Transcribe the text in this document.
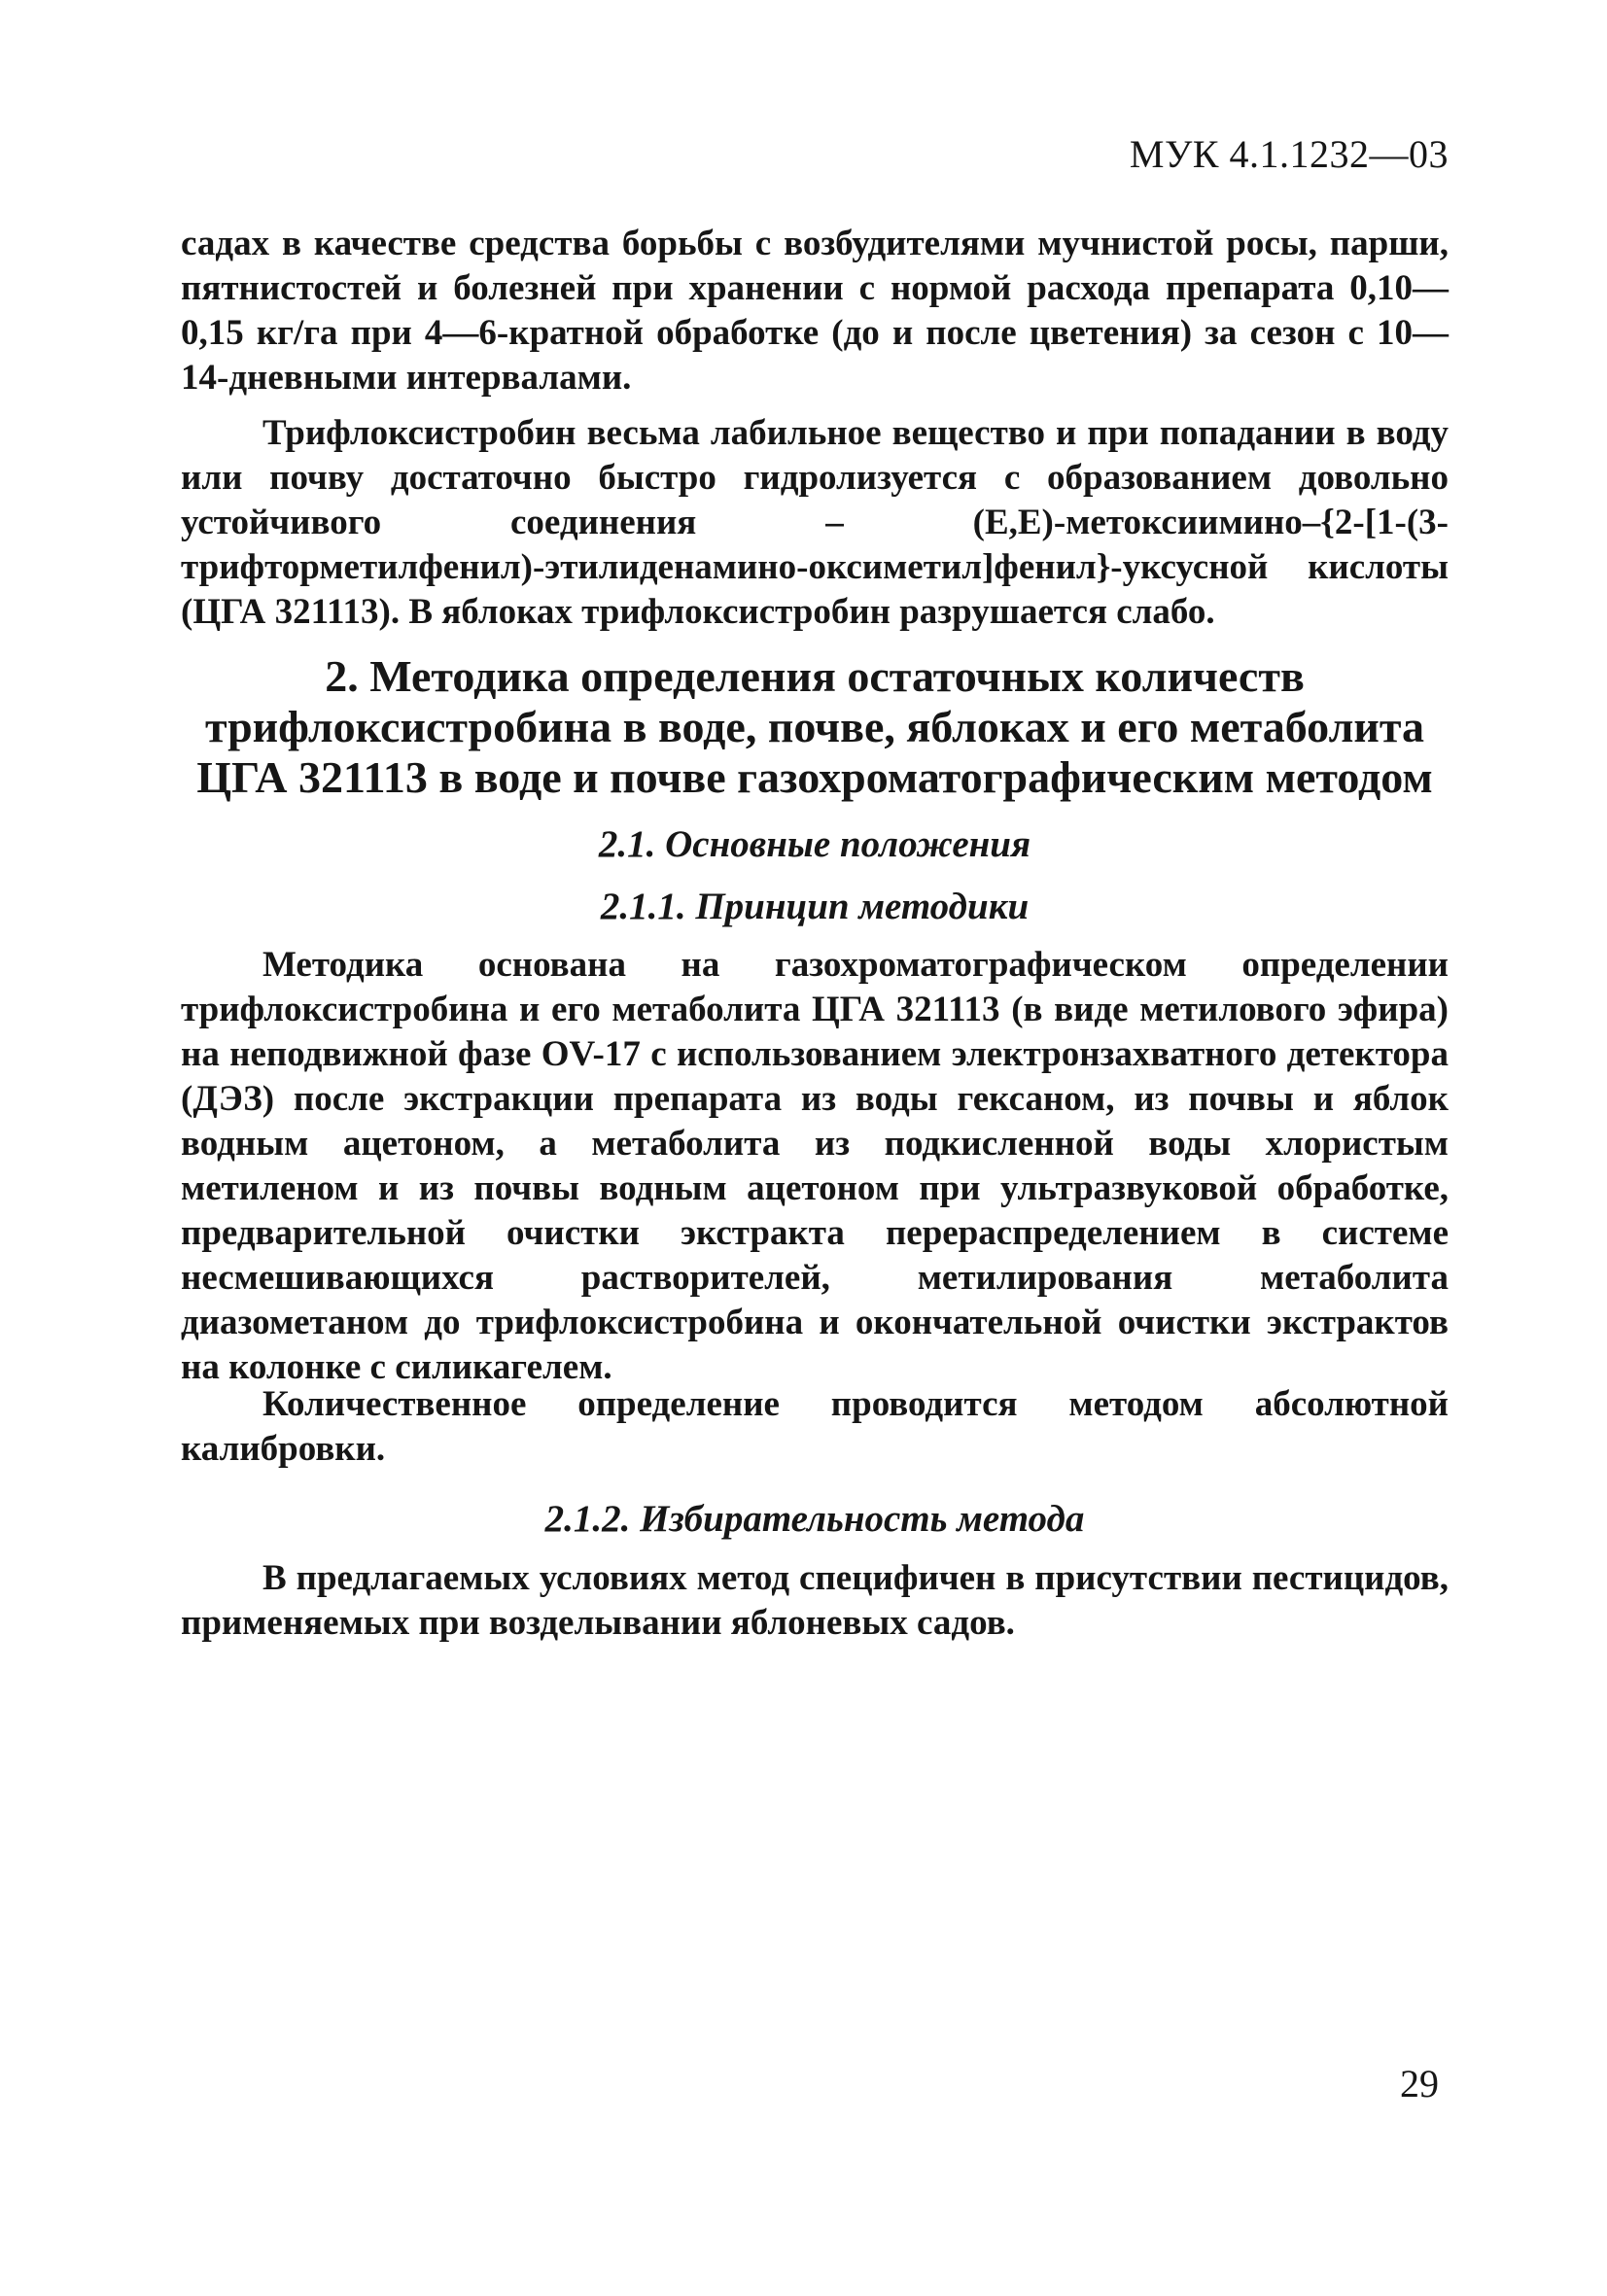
МУК 4.1.1232—03

садах в качестве средства борьбы с возбудителями мучнистой росы, парши, пятнистостей и болезней при хранении с нормой расхода препарата 0,10—0,15 кг/га при 4—6-кратной обработке (до и после цветения) за сезон с 10—14-дневными интервалами.

Трифлоксистробин весьма лабильное вещество и при попадании в воду или почву достаточно быстро гидролизуется с образованием довольно устойчивого соединения – (Е,Е)-метоксиимино–{2-[1-(3-трифторметилфенил)-этилиденамино-оксиметил]фенил}-уксусной кислоты (ЦГА 321113). В яблоках трифлоксистробин разрушается слабо.

2. Методика определения остаточных количеств трифлоксистробина в воде, почве, яблоках и его метаболита ЦГА 321113 в воде и почве газохроматографическим методом
2.1. Основные положения
2.1.1. Принцип методики

Методика основана на газохроматографическом определении трифлоксистробина и его метаболита ЦГА 321113 (в виде метилового эфира) на неподвижной фазе OV-17 с использованием электронзахватного детектора (ДЭЗ) после экстракции препарата из воды гексаном, из почвы и яблок водным ацетоном, а метаболита из подкисленной воды хлористым метиленом и из почвы водным ацетоном при ультразвуковой обработке, предварительной очистки экстракта перераспределением в системе несмешивающихся растворителей, метилирования метаболита диазометаном до трифлоксистробина и окончательной очистки экстрактов на колонке с силикагелем.

Количественное определение проводится методом абсолютной калибровки.

2.1.2. Избирательность метода

В предлагаемых условиях метод специфичен в присутствии пестицидов, применяемых при возделывании яблоневых садов.

29
